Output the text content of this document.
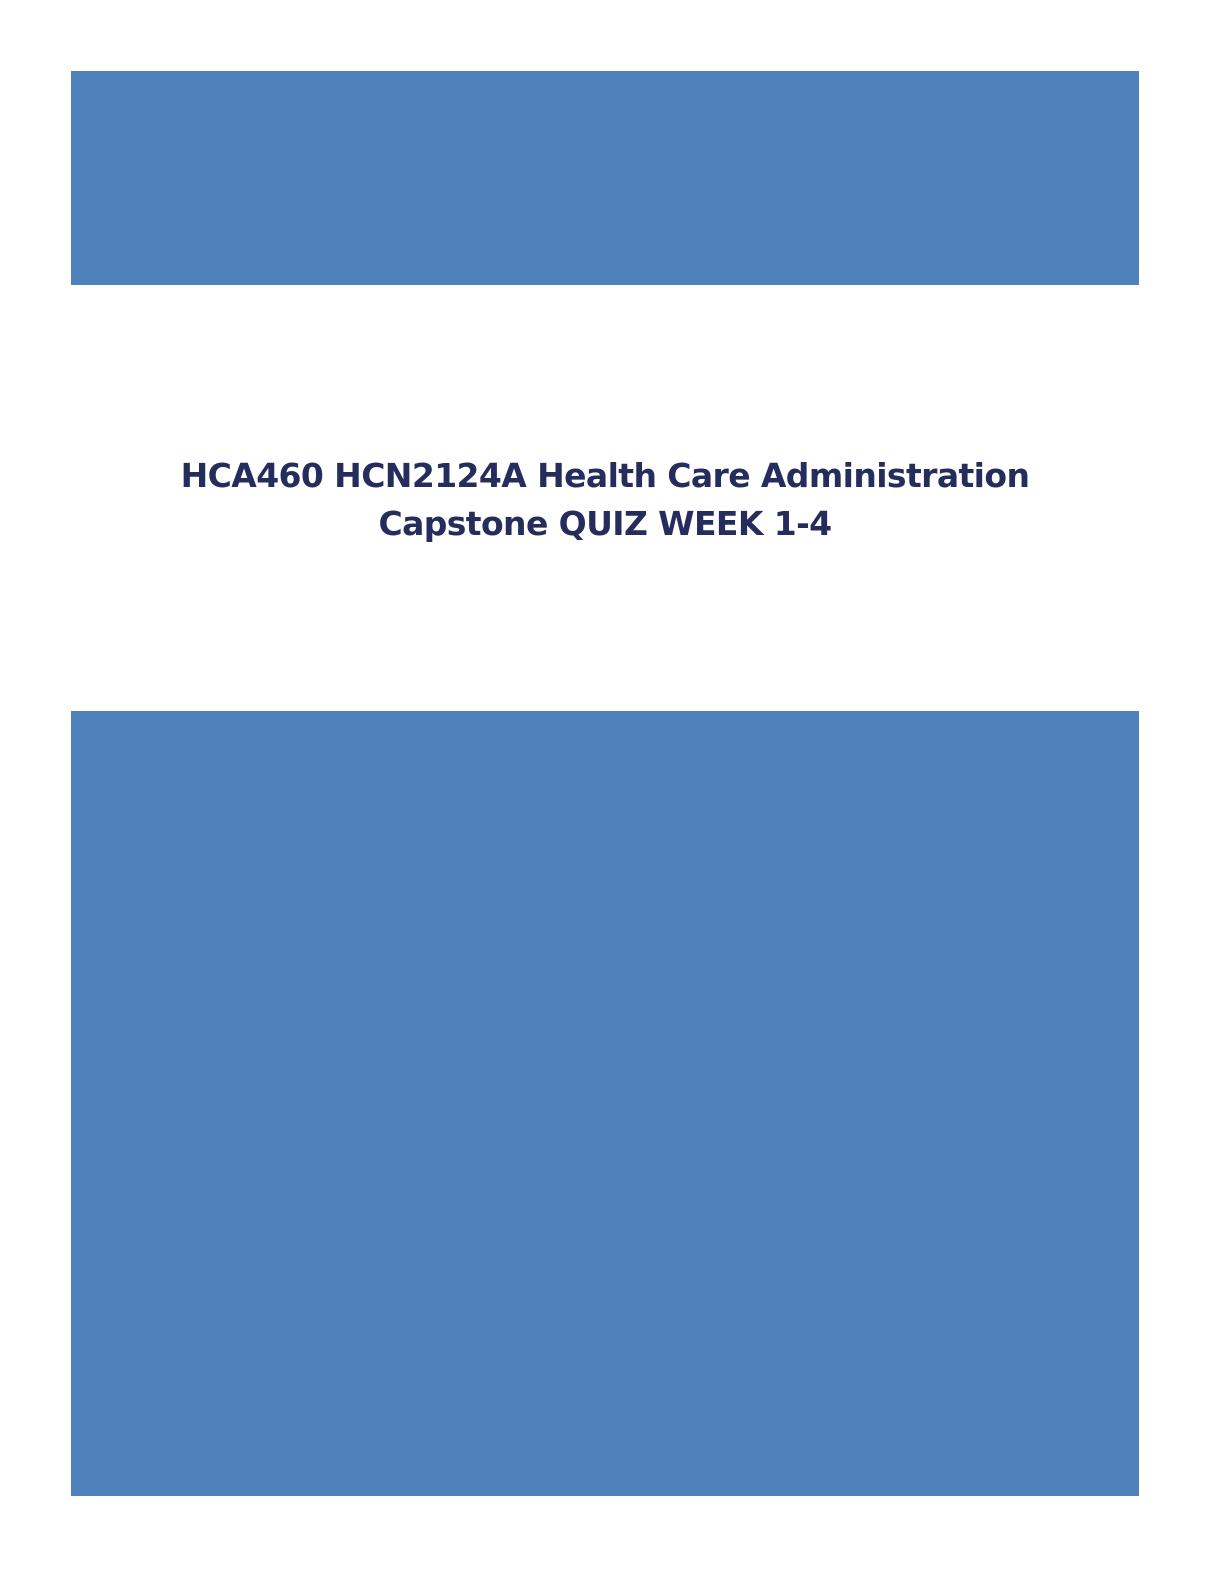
HCA460 HCN2124A Health Care Administration
Capstone QUIZ WEEK 1-4
